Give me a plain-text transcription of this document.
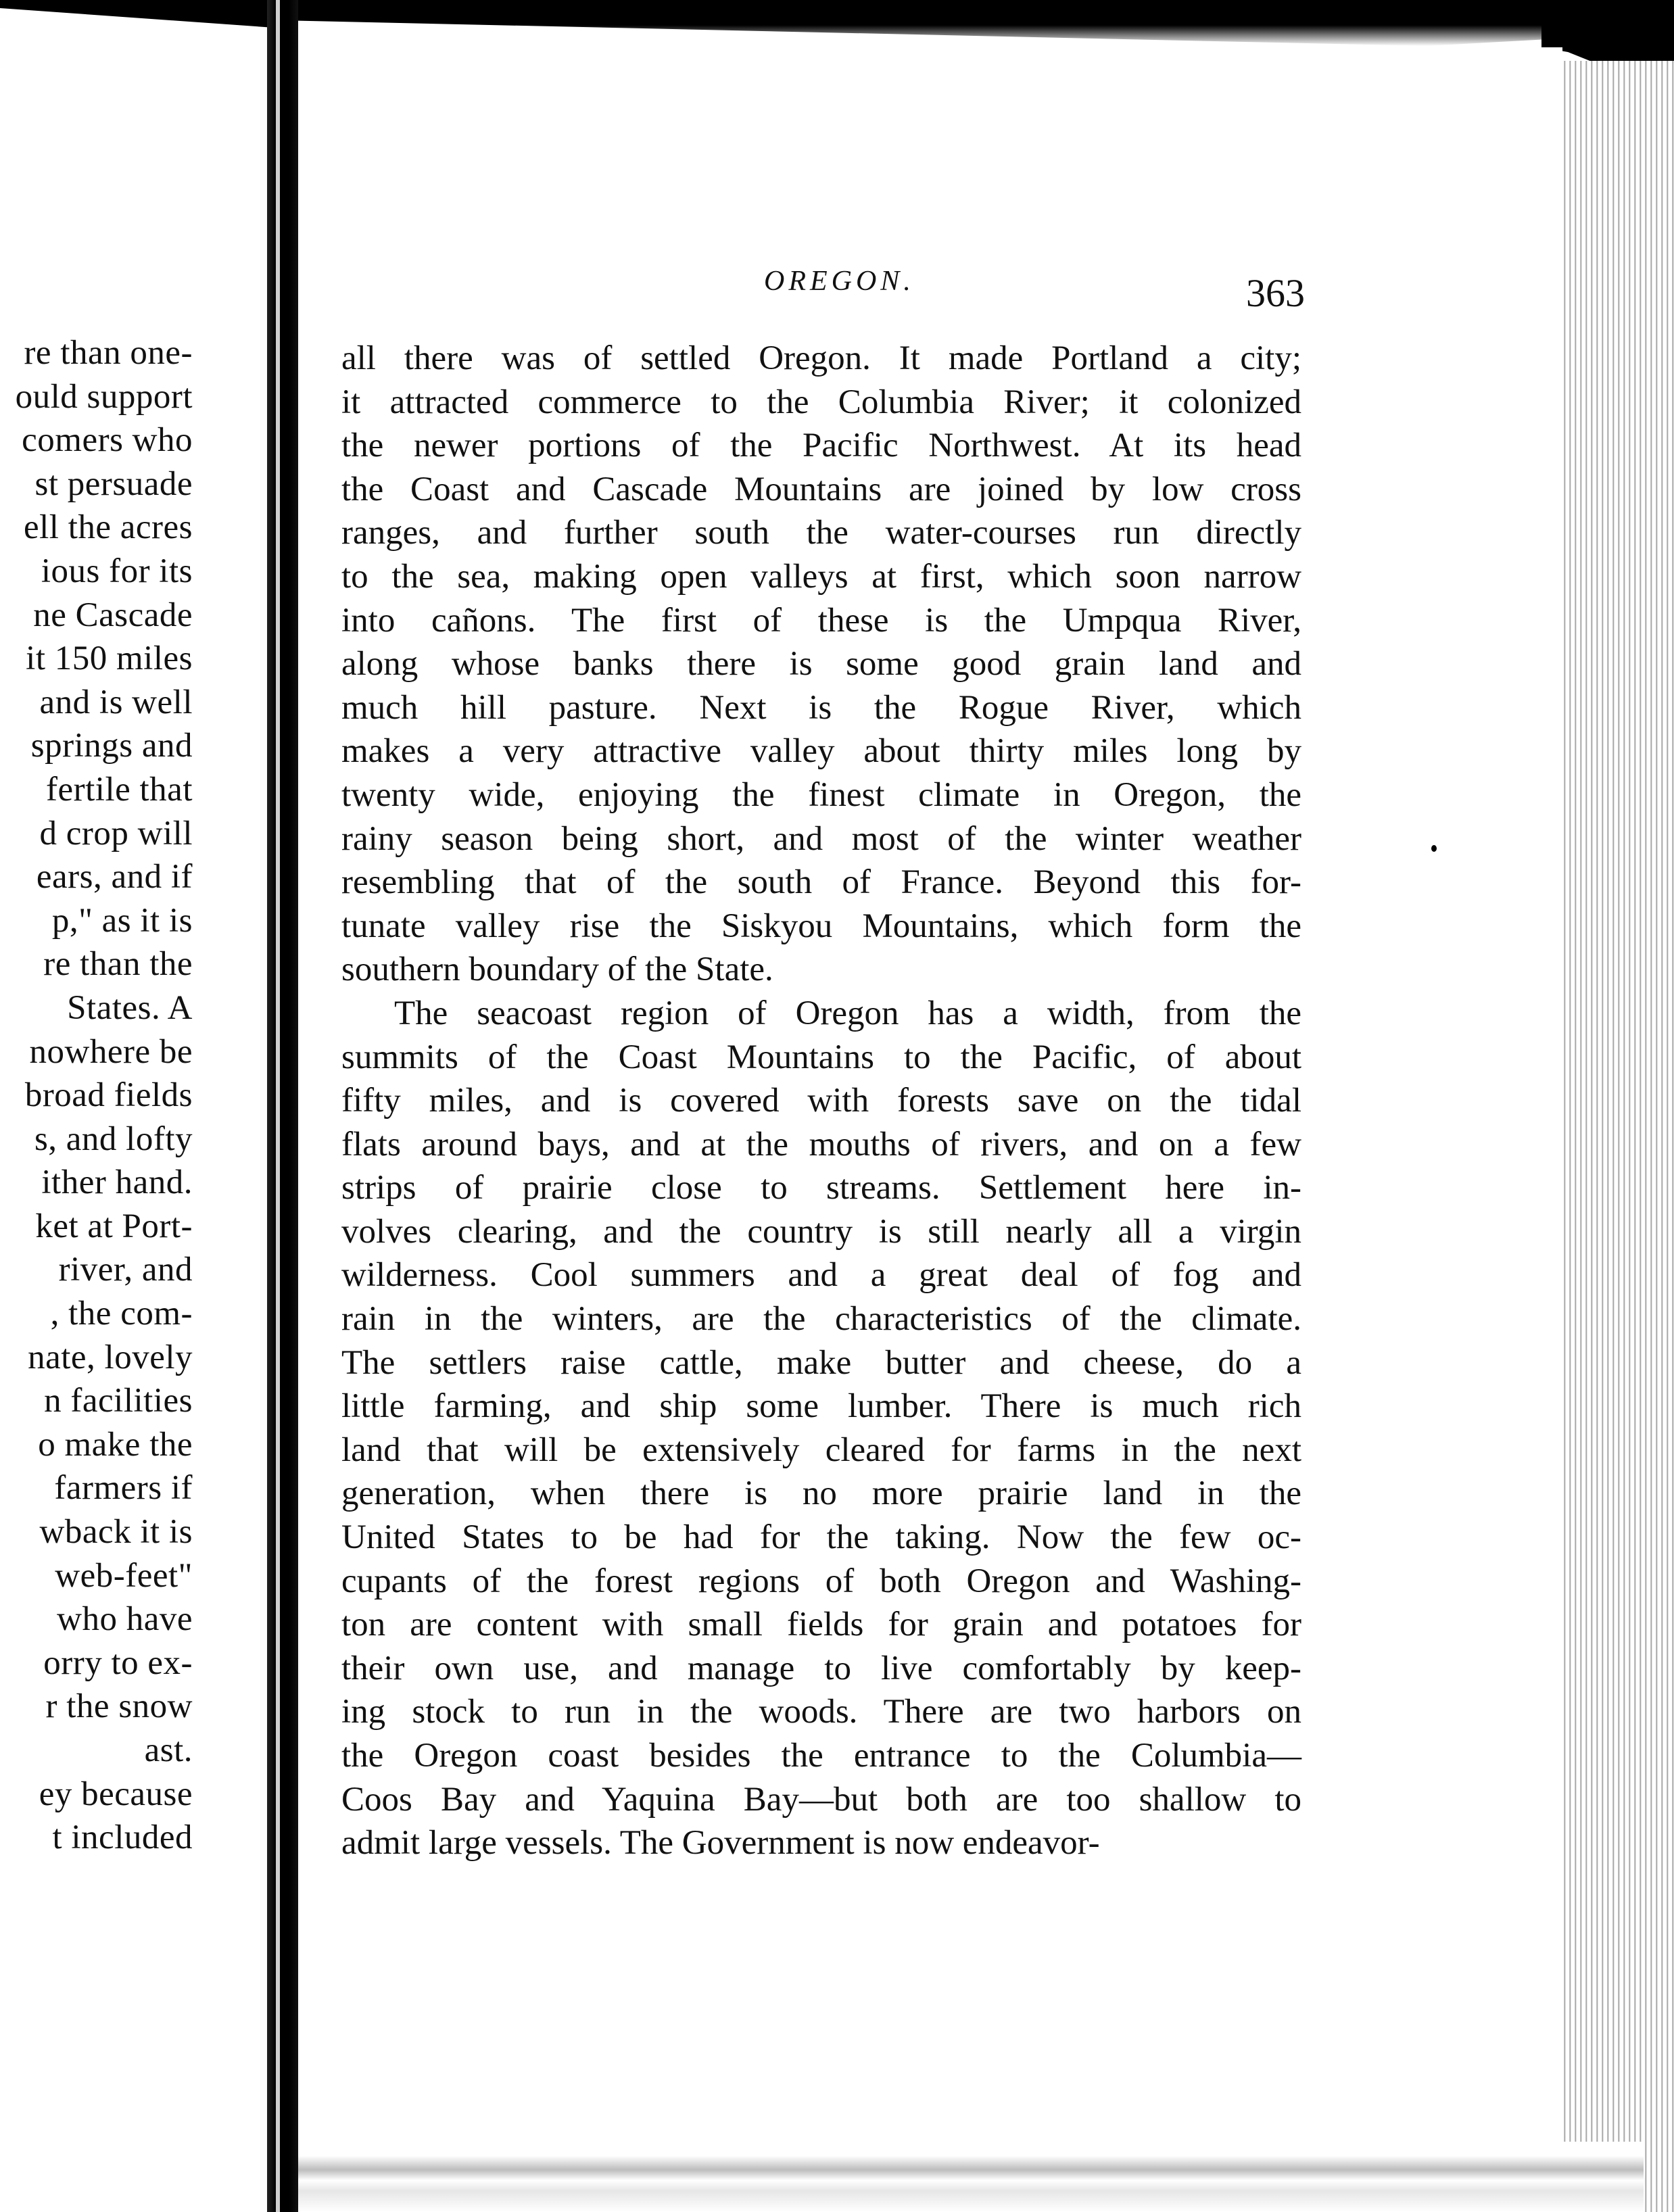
re than one-
ould support
comers who
st persuade
ell the acres
ious for its
ne Cascade
it 150 miles
and is well
springs and
fertile that
d crop will
ears, and if
p," as it is
re than the
States. A
nowhere be
broad fields
s, and lofty
ither hand.
ket at Port-
river, and
, the com-
nate, lovely
n facilities
o make the
farmers if
wback it is
web-feet"
who have
orry to ex-
r the snow
ast.
ey because
t included
OREGON.	363
all there was of settled Oregon. It made Portland a city;
it attracted commerce to the Columbia River; it colonized
the newer portions of the Pacific Northwest. At its head
the Coast and Cascade Mountains are joined by low cross
ranges, and further south the water-courses run directly
to the sea, making open valleys at first, which soon narrow
into cañons. The first of these is the Umpqua River,
along whose banks there is some good grain land and
much hill pasture. Next is the Rogue River, which
makes a very attractive valley about thirty miles long by
twenty wide, enjoying the finest climate in Oregon, the
rainy season being short, and most of the winter weather
resembling that of the south of France. Beyond this for-
tunate valley rise the Siskyou Mountains, which form the
southern boundary of the State.
The seacoast region of Oregon has a width, from the
summits of the Coast Mountains to the Pacific, of about
fifty miles, and is covered with forests save on the tidal
flats around bays, and at the mouths of rivers, and on a few
strips of prairie close to streams. Settlement here in-
volves clearing, and the country is still nearly all a virgin
wilderness. Cool summers and a great deal of fog and
rain in the winters, are the characteristics of the climate.
The settlers raise cattle, make butter and cheese, do a
little farming, and ship some lumber. There is much rich
land that will be extensively cleared for farms in the next
generation, when there is no more prairie land in the
United States to be had for the taking. Now the few oc-
cupants of the forest regions of both Oregon and Washing-
ton are content with small fields for grain and potatoes for
their own use, and manage to live comfortably by keep-
ing stock to run in the woods. There are two harbors on
the Oregon coast besides the entrance to the Columbia—
Coos Bay and Yaquina Bay—but both are too shallow to
admit large vessels. The Government is now endeavor-
